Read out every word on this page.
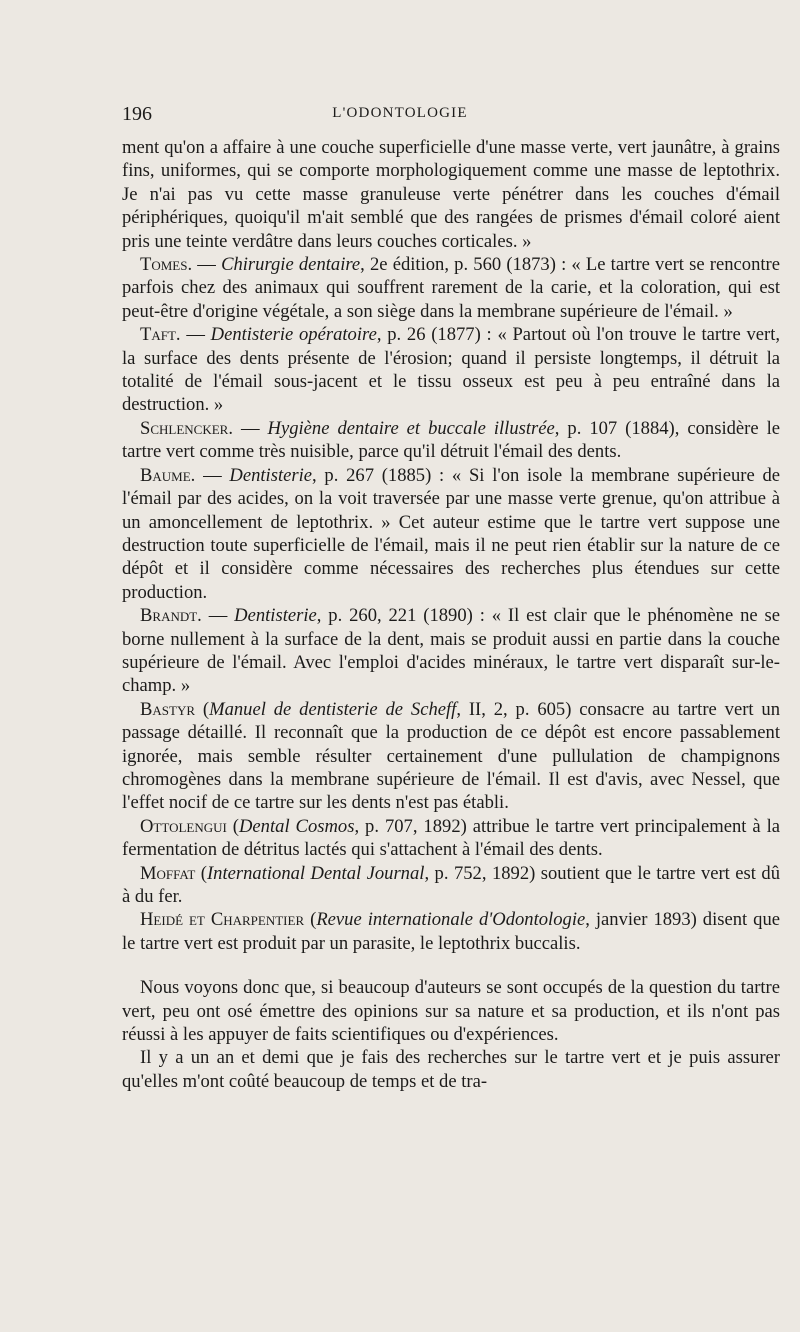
196	L'ODONTOLOGIE

ment qu'on a affaire à une couche superficielle d'une masse verte, vert jaunâtre, à grains fins, uniformes, qui se comporte morphologiquement comme une masse de leptothrix. Je n'ai pas vu cette masse granuleuse verte pénétrer dans les couches d'émail périphériques, quoiqu'il m'ait semblé que des rangées de prismes d'émail coloré aient pris une teinte verdâtre dans leurs couches corticales. »

Tomes. — Chirurgie dentaire, 2e édition, p. 560 (1873) : « Le tartre vert se rencontre parfois chez des animaux qui souffrent rarement de la carie, et la coloration, qui est peut-être d'origine végétale, a son siège dans la membrane supérieure de l'émail. »

Taft. — Dentisterie opératoire, p. 26 (1877) : « Partout où l'on trouve le tartre vert, la surface des dents présente de l'érosion; quand il persiste longtemps, il détruit la totalité de l'émail sous-jacent et le tissu osseux est peu à peu entraîné dans la destruction. »

Schlencker. — Hygiène dentaire et buccale illustrée, p. 107 (1884), considère le tartre vert comme très nuisible, parce qu'il détruit l'émail des dents.

Baume. — Dentisterie, p. 267 (1885) : « Si l'on isole la membrane supérieure de l'émail par des acides, on la voit traversée par une masse verte grenue, qu'on attribue à un amoncellement de leptothrix. » Cet auteur estime que le tartre vert suppose une destruction toute superficielle de l'émail, mais il ne peut rien établir sur la nature de ce dépôt et il considère comme nécessaires des recherches plus étendues sur cette production.

Brandt. — Dentisterie, p. 260, 221 (1890) : « Il est clair que le phénomène ne se borne nullement à la surface de la dent, mais se produit aussi en partie dans la couche supérieure de l'émail. Avec l'emploi d'acides minéraux, le tartre vert disparaît sur-le-champ. »

Bastyr (Manuel de dentisterie de Scheff, II, 2, p. 605) consacre au tartre vert un passage détaillé. Il reconnaît que la production de ce dépôt est encore passablement ignorée, mais semble résulter certainement d'une pullulation de champignons chromogènes dans la membrane supérieure de l'émail. Il est d'avis, avec Nessel, que l'effet nocif de ce tartre sur les dents n'est pas établi.

Ottolengui (Dental Cosmos, p. 707, 1892) attribue le tartre vert principalement à la fermentation de détritus lactés qui s'attachent à l'émail des dents.

Moffat (International Dental Journal, p. 752, 1892) soutient que le tartre vert est dû à du fer.

Heidé et Charpentier (Revue internationale d'Odontologie, janvier 1893) disent que le tartre vert est produit par un parasite, le leptothrix buccalis.

Nous voyons donc que, si beaucoup d'auteurs se sont occupés de la question du tartre vert, peu ont osé émettre des opinions sur sa nature et sa production, et ils n'ont pas réussi à les appuyer de faits scientifiques ou d'expériences.

Il y a un an et demi que je fais des recherches sur le tartre vert et je puis assurer qu'elles m'ont coûté beaucoup de temps et de tra-
